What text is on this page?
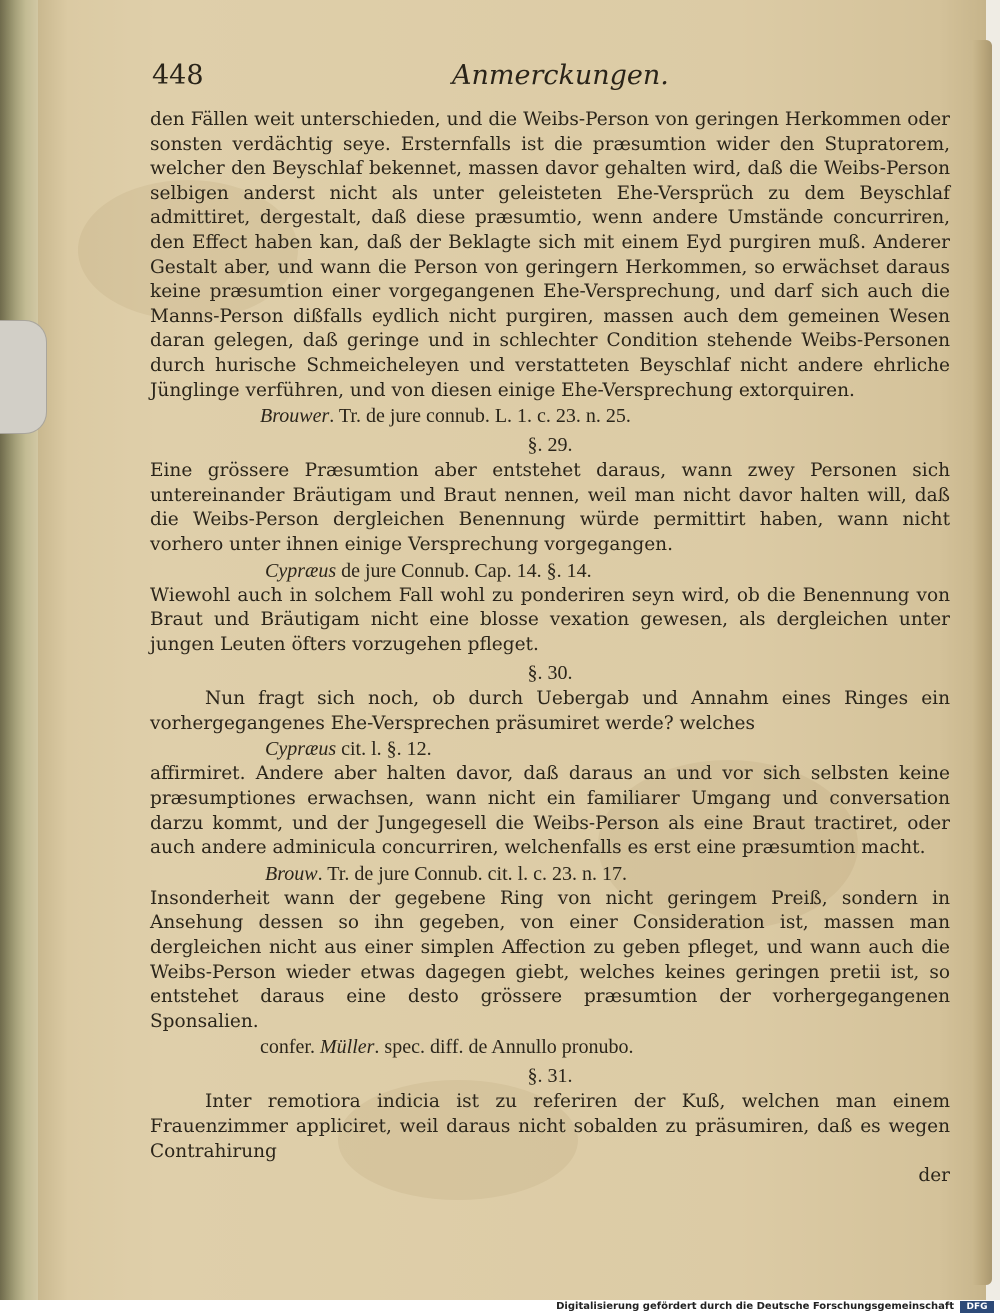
448	Anmerckungen.

den Fällen weit unterschieden, und die Weibs-Person von geringen Herkommen oder sonsten verdächtig seye. Ersternfalls ist die præsumtion wider den Stupratorem, welcher den Beyschlaf bekennet, massen davor gehalten wird, daß die Weibs-Person selbigen anderst nicht als unter geleisteten Ehe-Versprüch zu dem Beyschlaf admittiret, dergestalt, daß diese præsumtio, wenn andere Umstände concurriren, den Effect haben kan, daß der Beklagte sich mit einem Eyd purgiren muß. Anderer Gestalt aber, und wann die Person von geringern Herkommen, so erwächset daraus keine præsumtion einer vorgegangenen Ehe-Versprechung, und darf sich auch die Manns-Person dißfalls eydlich nicht purgiren, massen auch dem gemeinen Wesen daran gelegen, daß geringe und in schlechter Condition stehende Weibs-Personen durch hurische Schmeicheleyen und verstatteten Beyschlaf nicht andere ehrliche Jünglinge verführen, und von diesen einige Ehe-Versprechung extorquiren.

Brouwer. Tr. de jure connub. L. 1. c. 23. n. 25.

§. 29.

Eine grössere Præsumtion aber entstehet daraus, wann zwey Personen sich untereinander Bräutigam und Braut nennen, weil man nicht davor halten will, daß die Weibs-Person dergleichen Benennung würde permittirt haben, wann nicht vorhero unter ihnen einige Versprechung vorgegangen.

Cypræus de jure Connub. Cap. 14. §. 14.

Wiewohl auch in solchem Fall wohl zu ponderiren seyn wird, ob die Benennung von Braut und Bräutigam nicht eine blosse vexation gewesen, als dergleichen unter jungen Leuten öfters vorzugehen pfleget.

§. 30.

Nun fragt sich noch, ob durch Uebergab und Annahm eines Ringes ein vorhergegangenes Ehe-Versprechen präsumiret werde? welches

Cypræus cit. l. §. 12.

affirmiret. Andere aber halten davor, daß daraus an und vor sich selbsten keine præsumptiones erwachsen, wann nicht ein familiarer Umgang und conversation darzu kommt, und der Jungegesell die Weibs-Person als eine Braut tractiret, oder auch andere adminicula concurriren, welchenfalls es erst eine præsumtion macht.

Brouw. Tr. de jure Connub. cit. l. c. 23. n. 17.

Insonderheit wann der gegebene Ring von nicht geringem Preiß, sondern in Ansehung dessen so ihn gegeben, von einer Consideration ist, massen man dergleichen nicht aus einer simplen Affection zu geben pfleget, und wann auch die Weibs-Person wieder etwas dagegen giebt, welches keines geringen pretii ist, so entstehet daraus eine desto grössere præsumtion der vorhergegangenen Sponsalien.

confer. Müller. spec. diff. de Annullo pronubo.

§. 31.

Inter remotiora indicia ist zu referiren der Kuß, welchen man einem Frauenzimmer appliciret, weil daraus nicht sobalden zu präsumiren, daß es wegen Contrahirung

der

Digitalisierung gefördert durch die Deutsche Forschungsgemeinschaft	DFG
